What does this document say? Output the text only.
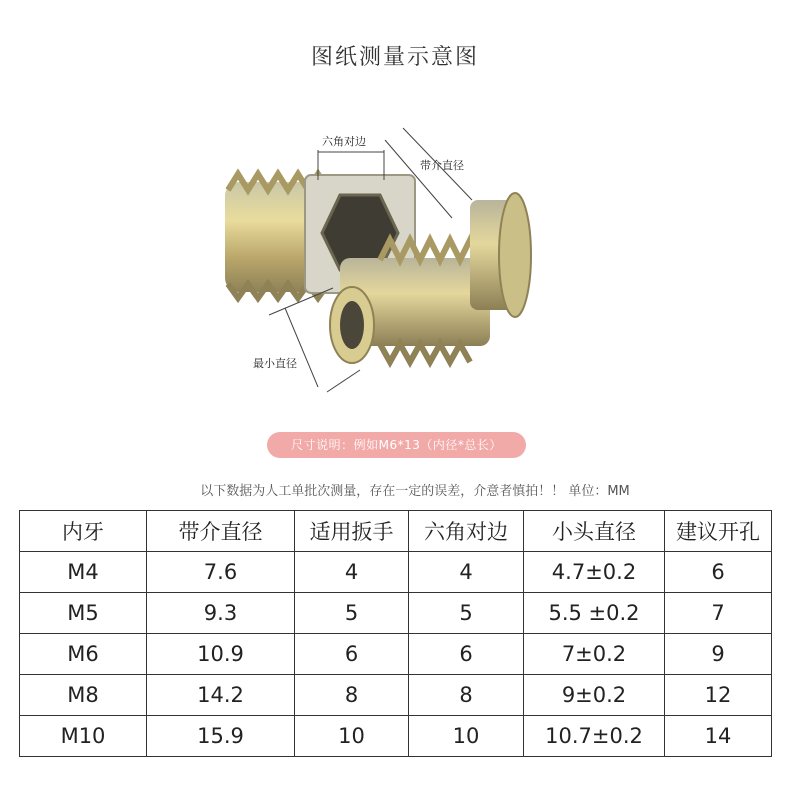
图纸测量示意图
六角对边
带介直径
最小直径
尺寸说明：例如M6*13（内径*总长）
以下数据为人工单批次测量，存在一定的误差，介意者慎拍！！ 单位：MM
内牙	带介直径	适用扳手	六角对边	小头直径	建议开孔
M4	7.6	4	4	4.7±0.2	6
M5	9.3	5	5	5.5 ±0.2	7
M6	10.9	6	6	7±0.2	9
M8	14.2	8	8	9±0.2	12
M10	15.9	10	10	10.7±0.2	14
